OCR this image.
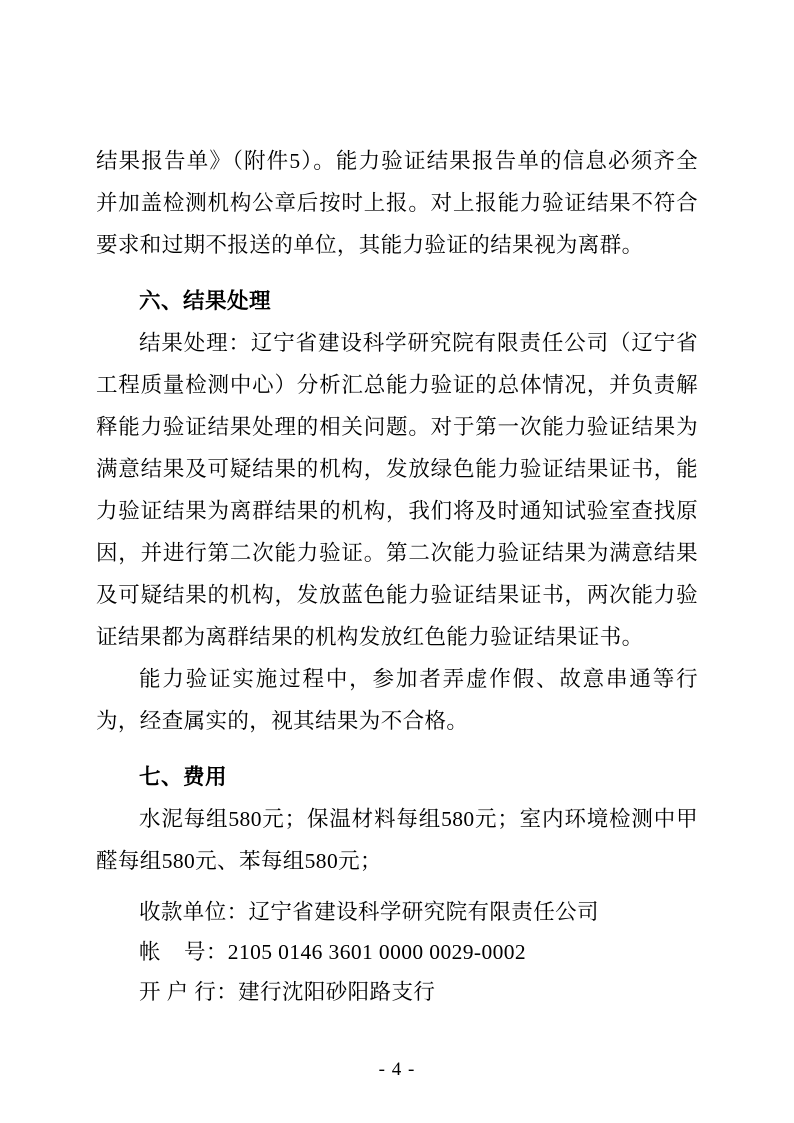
结果报告单》（附件5）。能力验证结果报告单的信息必须齐全并加盖检测机构公章后按时上报。对上报能力验证结果不符合要求和过期不报送的单位，其能力验证的结果视为离群。

六、结果处理

结果处理：辽宁省建设科学研究院有限责任公司（辽宁省工程质量检测中心）分析汇总能力验证的总体情况，并负责解释能力验证结果处理的相关问题。对于第一次能力验证结果为满意结果及可疑结果的机构，发放绿色能力验证结果证书，能力验证结果为离群结果的机构，我们将及时通知试验室查找原因，并进行第二次能力验证。第二次能力验证结果为满意结果及可疑结果的机构，发放蓝色能力验证结果证书，两次能力验证结果都为离群结果的机构发放红色能力验证结果证书。

能力验证实施过程中，参加者弄虚作假、故意串通等行为，经查属实的，视其结果为不合格。

七、费用

水泥每组580元；保温材料每组580元；室内环境检测中甲醛每组580元、苯每组580元；

收款单位：辽宁省建设科学研究院有限责任公司

帐    号：2105 0146 3601 0000 0029-0002

开 户 行：建行沈阳砂阳路支行

- 4 -
